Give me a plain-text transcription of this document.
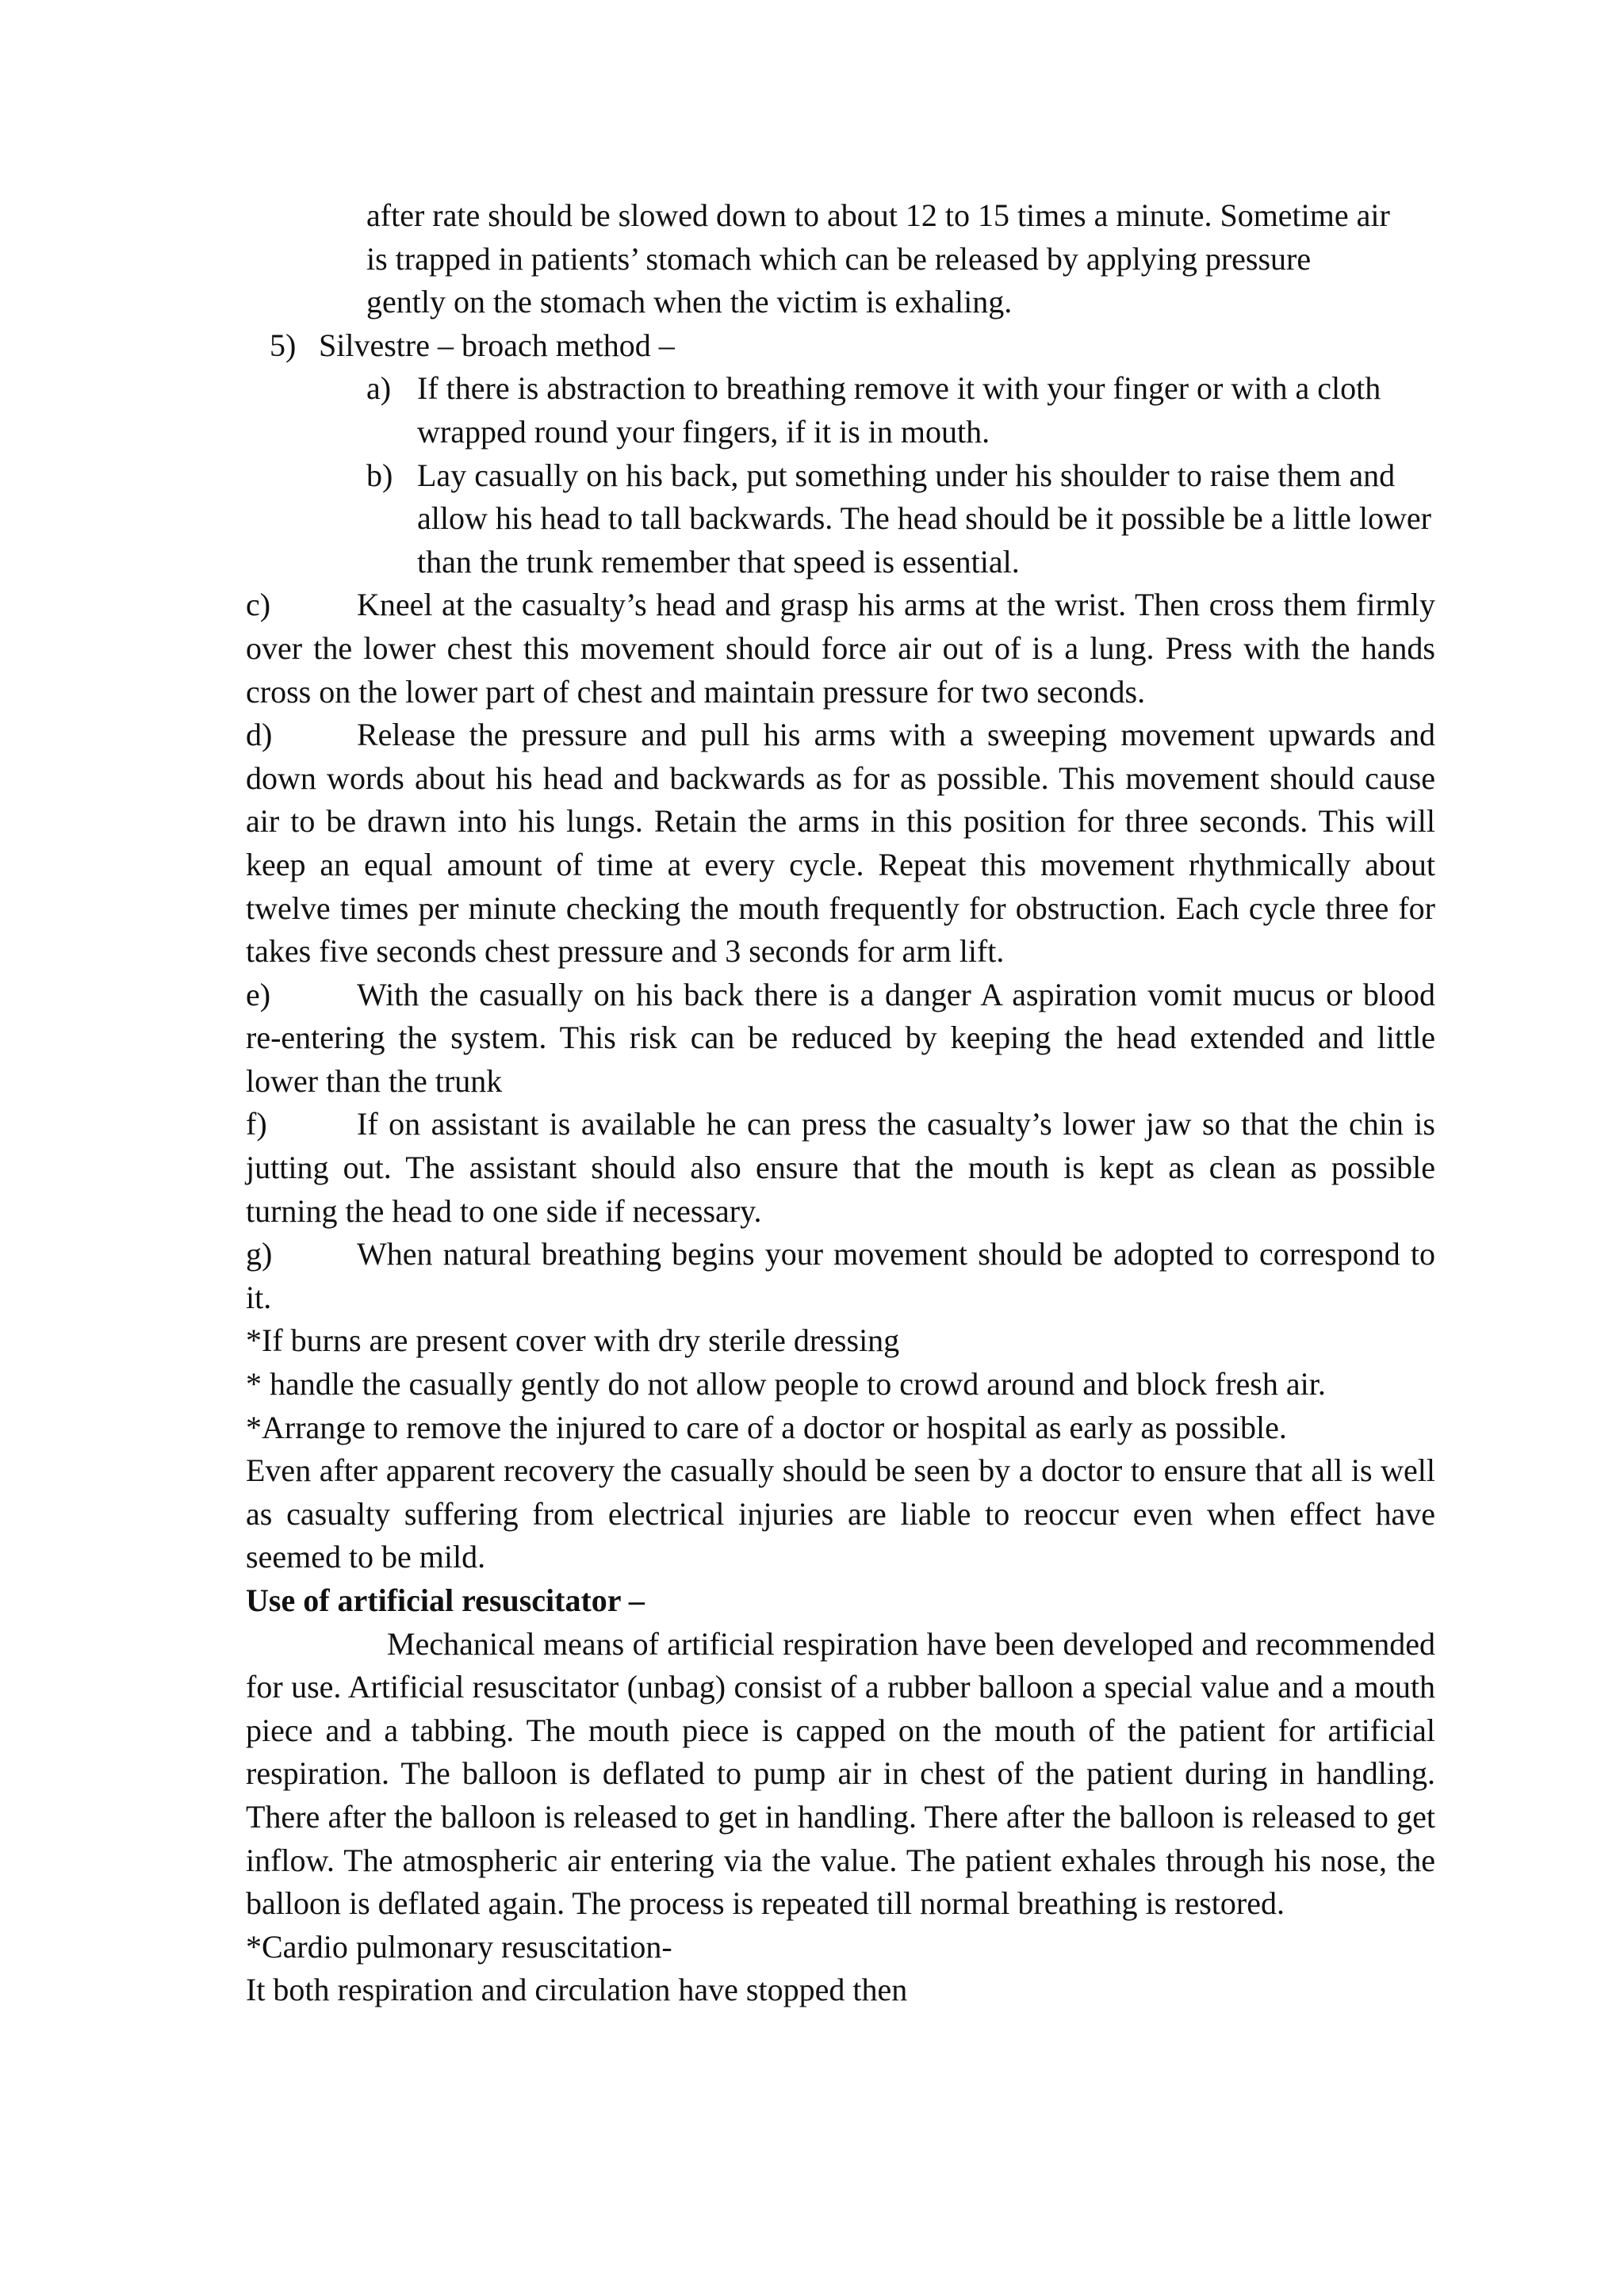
after rate should be slowed down to about 12 to 15 times a minute. Sometime air

is trapped in patients’ stomach which can be released by applying pressure

gently on the stomach when the victim is exhaling.

5) Silvestre – broach method –
a) If there is abstraction to breathing remove it with your finger or with a cloth wrapped round your fingers, if it is in mouth.
b) Lay casually on his back, put something under his shoulder to raise them and allow his head to tall backwards. The head should be it possible be a little lower than the trunk remember that speed is essential.

c)	Kneel at the casualty’s head and grasp his arms at the wrist. Then cross them firmly over the lower chest this movement should force air out of is a lung. Press with the hands cross on the lower part of chest and maintain pressure for two seconds.

d)	Release the pressure and pull his arms with a sweeping movement upwards and down words about his head and backwards as for as possible. This movement should cause air to be drawn into his lungs. Retain the arms in this position for three seconds. This will keep an equal amount of time at every cycle. Repeat this movement rhythmically about twelve times per minute checking the mouth frequently for obstruction. Each cycle three for takes five seconds chest pressure and 3 seconds for arm lift.

e)	With the casually on his back there is a danger A aspiration vomit mucus or blood re-entering the system. This risk can be reduced by keeping the head extended and little lower than the trunk

f)	If on assistant is available he can press the casualty’s lower jaw so that the chin is jutting out. The assistant should also ensure that the mouth is kept as clean as possible turning the head to one side if necessary.

g)	When natural breathing begins your movement should be adopted to correspond to it.

*If burns are present cover with dry sterile dressing

* handle the casually gently do not allow people to crowd around and block fresh air.

*Arrange to remove the injured to care of a doctor or hospital as early as possible.

Even after apparent recovery the casually should be seen by a doctor to ensure that all is well as casualty suffering from electrical injuries are liable to reoccur even when effect have seemed to be mild.

Use of artificial resuscitator –

Mechanical means of artificial respiration have been developed and recommended for use. Artificial resuscitator (unbag) consist of a rubber balloon a special value and a mouth piece and a tabbing. The mouth piece is capped on the mouth of the patient for artificial respiration. The balloon is deflated to pump air in chest of the patient during in handling. There after the balloon is released to get in handling. There after the balloon is released to get inflow. The atmospheric air entering via the value. The patient exhales through his nose, the balloon is deflated again. The process is repeated till normal breathing is restored.

*Cardio pulmonary resuscitation-

It both respiration and circulation have stopped then
